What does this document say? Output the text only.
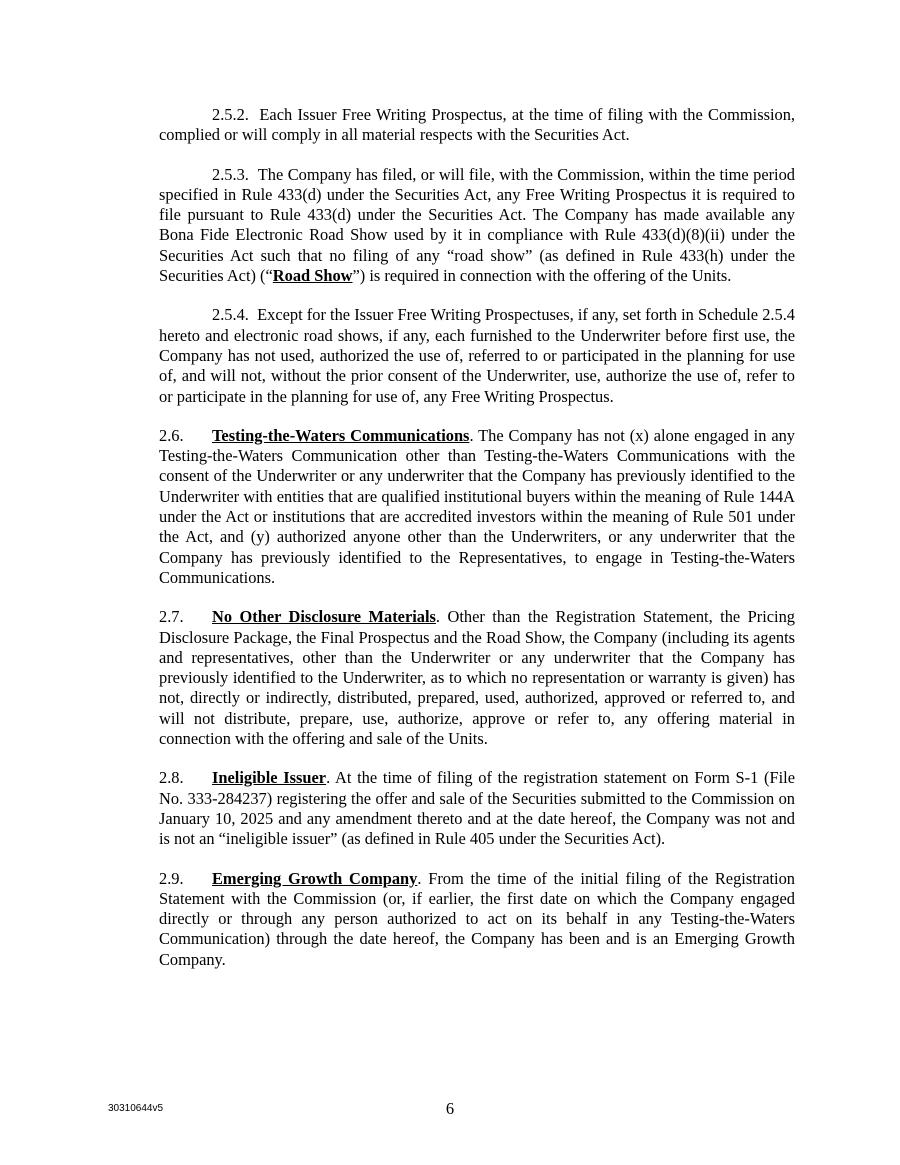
2.5.2. Each Issuer Free Writing Prospectus, at the time of filing with the Commission, complied or will comply in all material respects with the Securities Act.

2.5.3. The Company has filed, or will file, with the Commission, within the time period specified in Rule 433(d) under the Securities Act, any Free Writing Prospectus it is required to file pursuant to Rule 433(d) under the Securities Act. The Company has made available any Bona Fide Electronic Road Show used by it in compliance with Rule 433(d)(8)(ii) under the Securities Act such that no filing of any “road show” (as defined in Rule 433(h) under the Securities Act) (“Road Show”) is required in connection with the offering of the Units.

2.5.4. Except for the Issuer Free Writing Prospectuses, if any, set forth in Schedule 2.5.4 hereto and electronic road shows, if any, each furnished to the Underwriter before first use, the Company has not used, authorized the use of, referred to or participated in the planning for use of, and will not, without the prior consent of the Underwriter, use, authorize the use of, refer to or participate in the planning for use of, any Free Writing Prospectus.

2.6. Testing-the-Waters Communications. The Company has not (x) alone engaged in any Testing-the-Waters Communication other than Testing-the-Waters Communications with the consent of the Underwriter or any underwriter that the Company has previously identified to the Underwriter with entities that are qualified institutional buyers within the meaning of Rule 144A under the Act or institutions that are accredited investors within the meaning of Rule 501 under the Act, and (y) authorized anyone other than the Underwriters, or any underwriter that the Company has previously identified to the Representatives, to engage in Testing-the-Waters Communications.

2.7. No Other Disclosure Materials. Other than the Registration Statement, the Pricing Disclosure Package, the Final Prospectus and the Road Show, the Company (including its agents and representatives, other than the Underwriter or any underwriter that the Company has previously identified to the Underwriter, as to which no representation or warranty is given) has not, directly or indirectly, distributed, prepared, used, authorized, approved or referred to, and will not distribute, prepare, use, authorize, approve or refer to, any offering material in connection with the offering and sale of the Units.

2.8. Ineligible Issuer. At the time of filing of the registration statement on Form S-1 (File No. 333-284237) registering the offer and sale of the Securities submitted to the Commission on January 10, 2025 and any amendment thereto and at the date hereof, the Company was not and is not an “ineligible issuer” (as defined in Rule 405 under the Securities Act).

2.9. Emerging Growth Company. From the time of the initial filing of the Registration Statement with the Commission (or, if earlier, the first date on which the Company engaged directly or through any person authorized to act on its behalf in any Testing-the-Waters Communication) through the date hereof, the Company has been and is an Emerging Growth Company.

30310644v5	6
